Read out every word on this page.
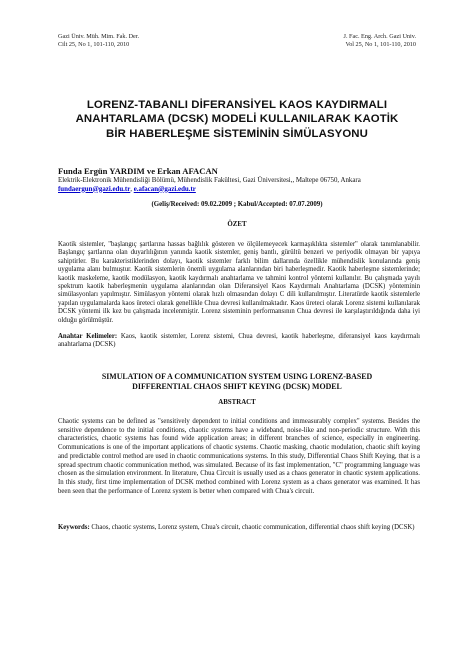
Gazi Üniv. Müh. Mim. Fak. Der.
Cilt 25, No 1, 101-110, 2010
J. Fac. Eng. Arch. Gazi Univ.
Vol 25, No 1, 101-110, 2010
LORENZ-TABANLI DİFERANSİYEL KAOS KAYDIRMALI
ANAHTARLAMA (DCSK) MODELİ KULLANILARAK KAOTİK
BİR HABERLEŞME SİSTEMİNİN SİMÜLASYONU
Funda Ergün YARDIM ve Erkan AFACAN
Elektrik-Elektronik Mühendisliği Bölümü, Mühendislik Fakültesi, Gazi Üniversitesi,, Maltepe 06750, Ankara
fundaergun@gazi.edu.tr, e.afacan@gazi.edu.tr
(Geliş/Received: 09.02.2009 ; Kabul/Accepted: 07.07.2009)
ÖZET
Kaotik sistemler, "başlangıç şartlarına hassas bağlılık gösteren ve ölçülemeyecek karmaşıklıkta sistemler" olarak tanımlanabilir. Başlangıç şartlarına olan duyarlılığının yanında kaotik sistemler, geniş bantlı, gürültü benzeri ve periyodik olmayan bir yapıya sahiptirler. Bu karakteristiklerinden dolayı, kaotik sistemler farklı bilim dallarında özellikle mühendislik konularında geniş uygulama alanı bulmuştur. Kaotik sistemlerin önemli uygulama alanlarından biri haberleşmedir. Kaotik haberleşme sistemlerinde; kaotik maskeleme, kaotik modülasyon, kaotik kaydırmalı anahtarlama ve tahmini kontrol yöntemi kullanılır. Bu çalışmada yayılı spektrum kaotik haberleşmenin uygulama alanlarından olan Diferansiyel Kaos Kaydırmalı Anahtarlama (DCSK) yönteminin simülasyonları yapılmıştır. Simülasyon yöntemi olarak hızlı olmasından dolayı C dili kullanılmıştır. Literatürde kaotik sistemlerle yapılan uygulamalarda kaos üreteci olarak genellikle Chua devresi kullanılmaktadır. Kaos üreteci olarak Lorenz sistemi kullanılarak DCSK yöntemi ilk kez bu çalışmada incelenmiştir. Lorenz sisteminin performansının Chua devresi ile karşılaştırıldığında daha iyi olduğu görülmüştür.
Anahtar Kelimeler: Kaos, kaotik sistemler, Lorenz sistemi, Chua devresi, kaotik haberleşme, diferansiyel kaos kaydırmalı anahtarlama (DCSK)
SIMULATION OF A COMMUNICATION SYSTEM USING LORENZ-BASED
DIFFERENTIAL CHAOS SHIFT KEYING (DCSK) MODEL
ABSTRACT
Chaotic systems can be defined as "sensitively dependent to initial conditions and immeasurably complex" systems. Besides the sensitive dependence to the initial conditions, chaotic systems have a wideband, noise-like and non-periodic structure. With this characteristics, chaotic systems has found wide application areas; in different branches of science, especially in engineering. Communications is one of the important applications of chaotic systems. Chaotic masking, chaotic modulation, chaotic shift keying and predictable control method are used in chaotic communications systems. In this study, Differential Chaos Shift Keying, that is a spread spectrum chaotic communication method, was simulated. Because of its fast implementation, "C" programming language was chosen as the simulation environment. In literature, Chua Circuit is usually used as a chaos generator in chaotic system applications. In this study, first time implementation of DCSK method combined with Lorenz system as a chaos generator was examined. It has been seen that the performance of Lorenz system is better when compared with Chua's circuit.
Keywords: Chaos, chaotic systems, Lorenz system, Chua's circuit, chaotic communication, differential chaos shift keying (DCSK)
